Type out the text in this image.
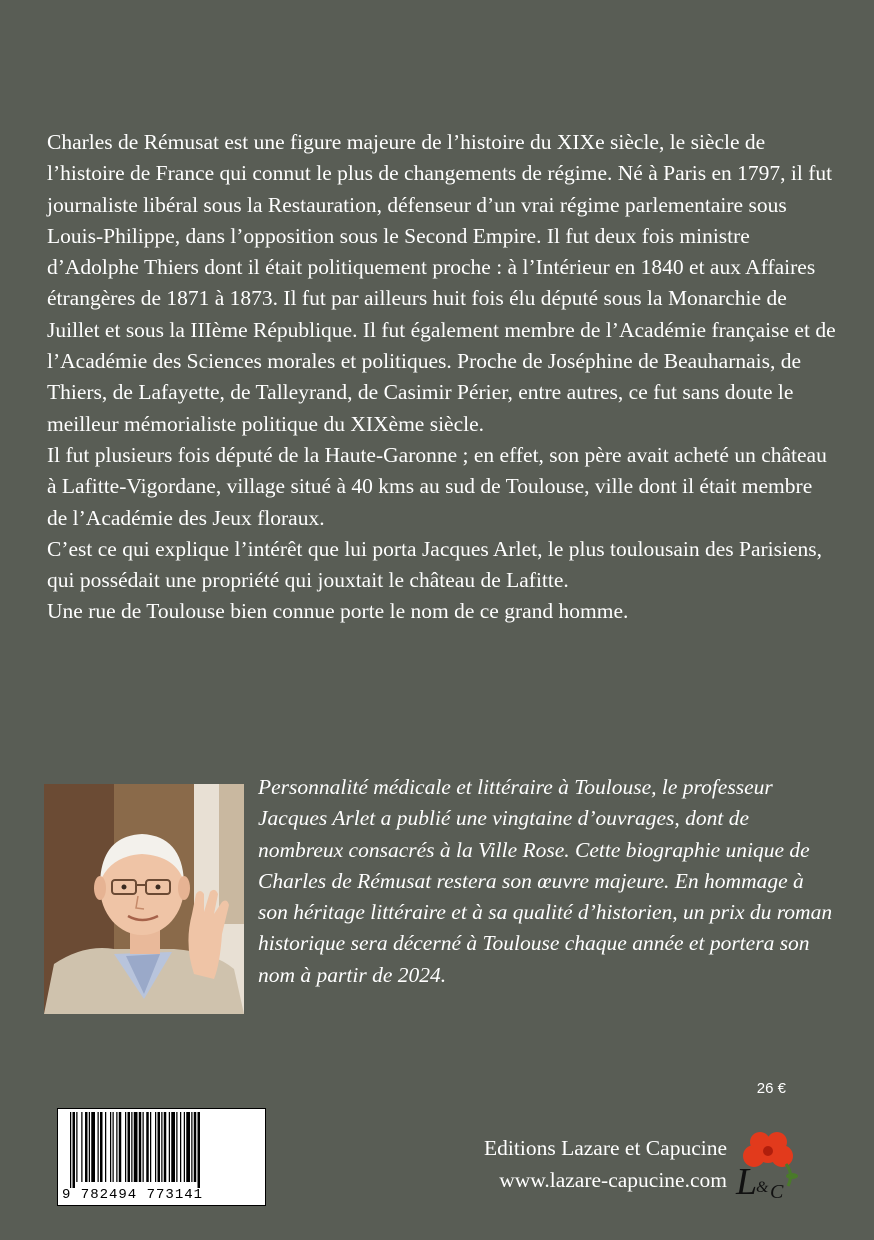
Charles de Rémusat est une figure majeure de l’histoire du XIXe siècle, le siècle de l’histoire de France qui connut le plus de changements de régime. Né à Paris en 1797, il fut journaliste libéral sous la Restauration, défenseur d’un vrai régime parlementaire sous Louis-Philippe, dans l’opposition sous le Second Empire. Il fut deux fois ministre d’Adolphe Thiers dont il était politiquement proche : à l’Intérieur en 1840 et aux Affaires étrangères de 1871 à 1873. Il fut par ailleurs huit fois élu député sous la Monarchie de Juillet et sous la IIIème République. Il fut également membre de l’Académie française et de l’Académie des Sciences morales et politiques. Proche de Joséphine de Beauharnais, de Thiers, de Lafayette, de Talleyrand, de Casimir Périer, entre autres, ce fut sans doute le meilleur mémorialiste politique du XIXème siècle.

Il fut plusieurs fois député de la Haute-Garonne ; en effet, son père avait acheté un château à Lafitte-Vigordane, village situé à 40 kms au sud de Toulouse, ville dont il était membre de l’Académie des Jeux floraux.

C’est ce qui explique l’intérêt que lui porta Jacques Arlet, le plus toulousain des Parisiens, qui possédait une propriété qui jouxtait le château de Lafitte.

Une rue de Toulouse bien connue porte le nom de ce grand homme.

Personnalité médicale et littéraire à Toulouse, le professeur Jacques Arlet a publié une vingtaine d’ouvrages, dont de nombreux consacrés à la Ville Rose. Cette biographie unique de Charles de Rémusat restera son œuvre majeure. En hommage à son héritage littéraire et à sa qualité d’historien, un prix du roman historique sera décerné à Toulouse chaque année et portera son nom à partir de 2024.
26 €
9 782494 773141
Editions Lazare et Capucine
www.lazare-capucine.com L
& C
